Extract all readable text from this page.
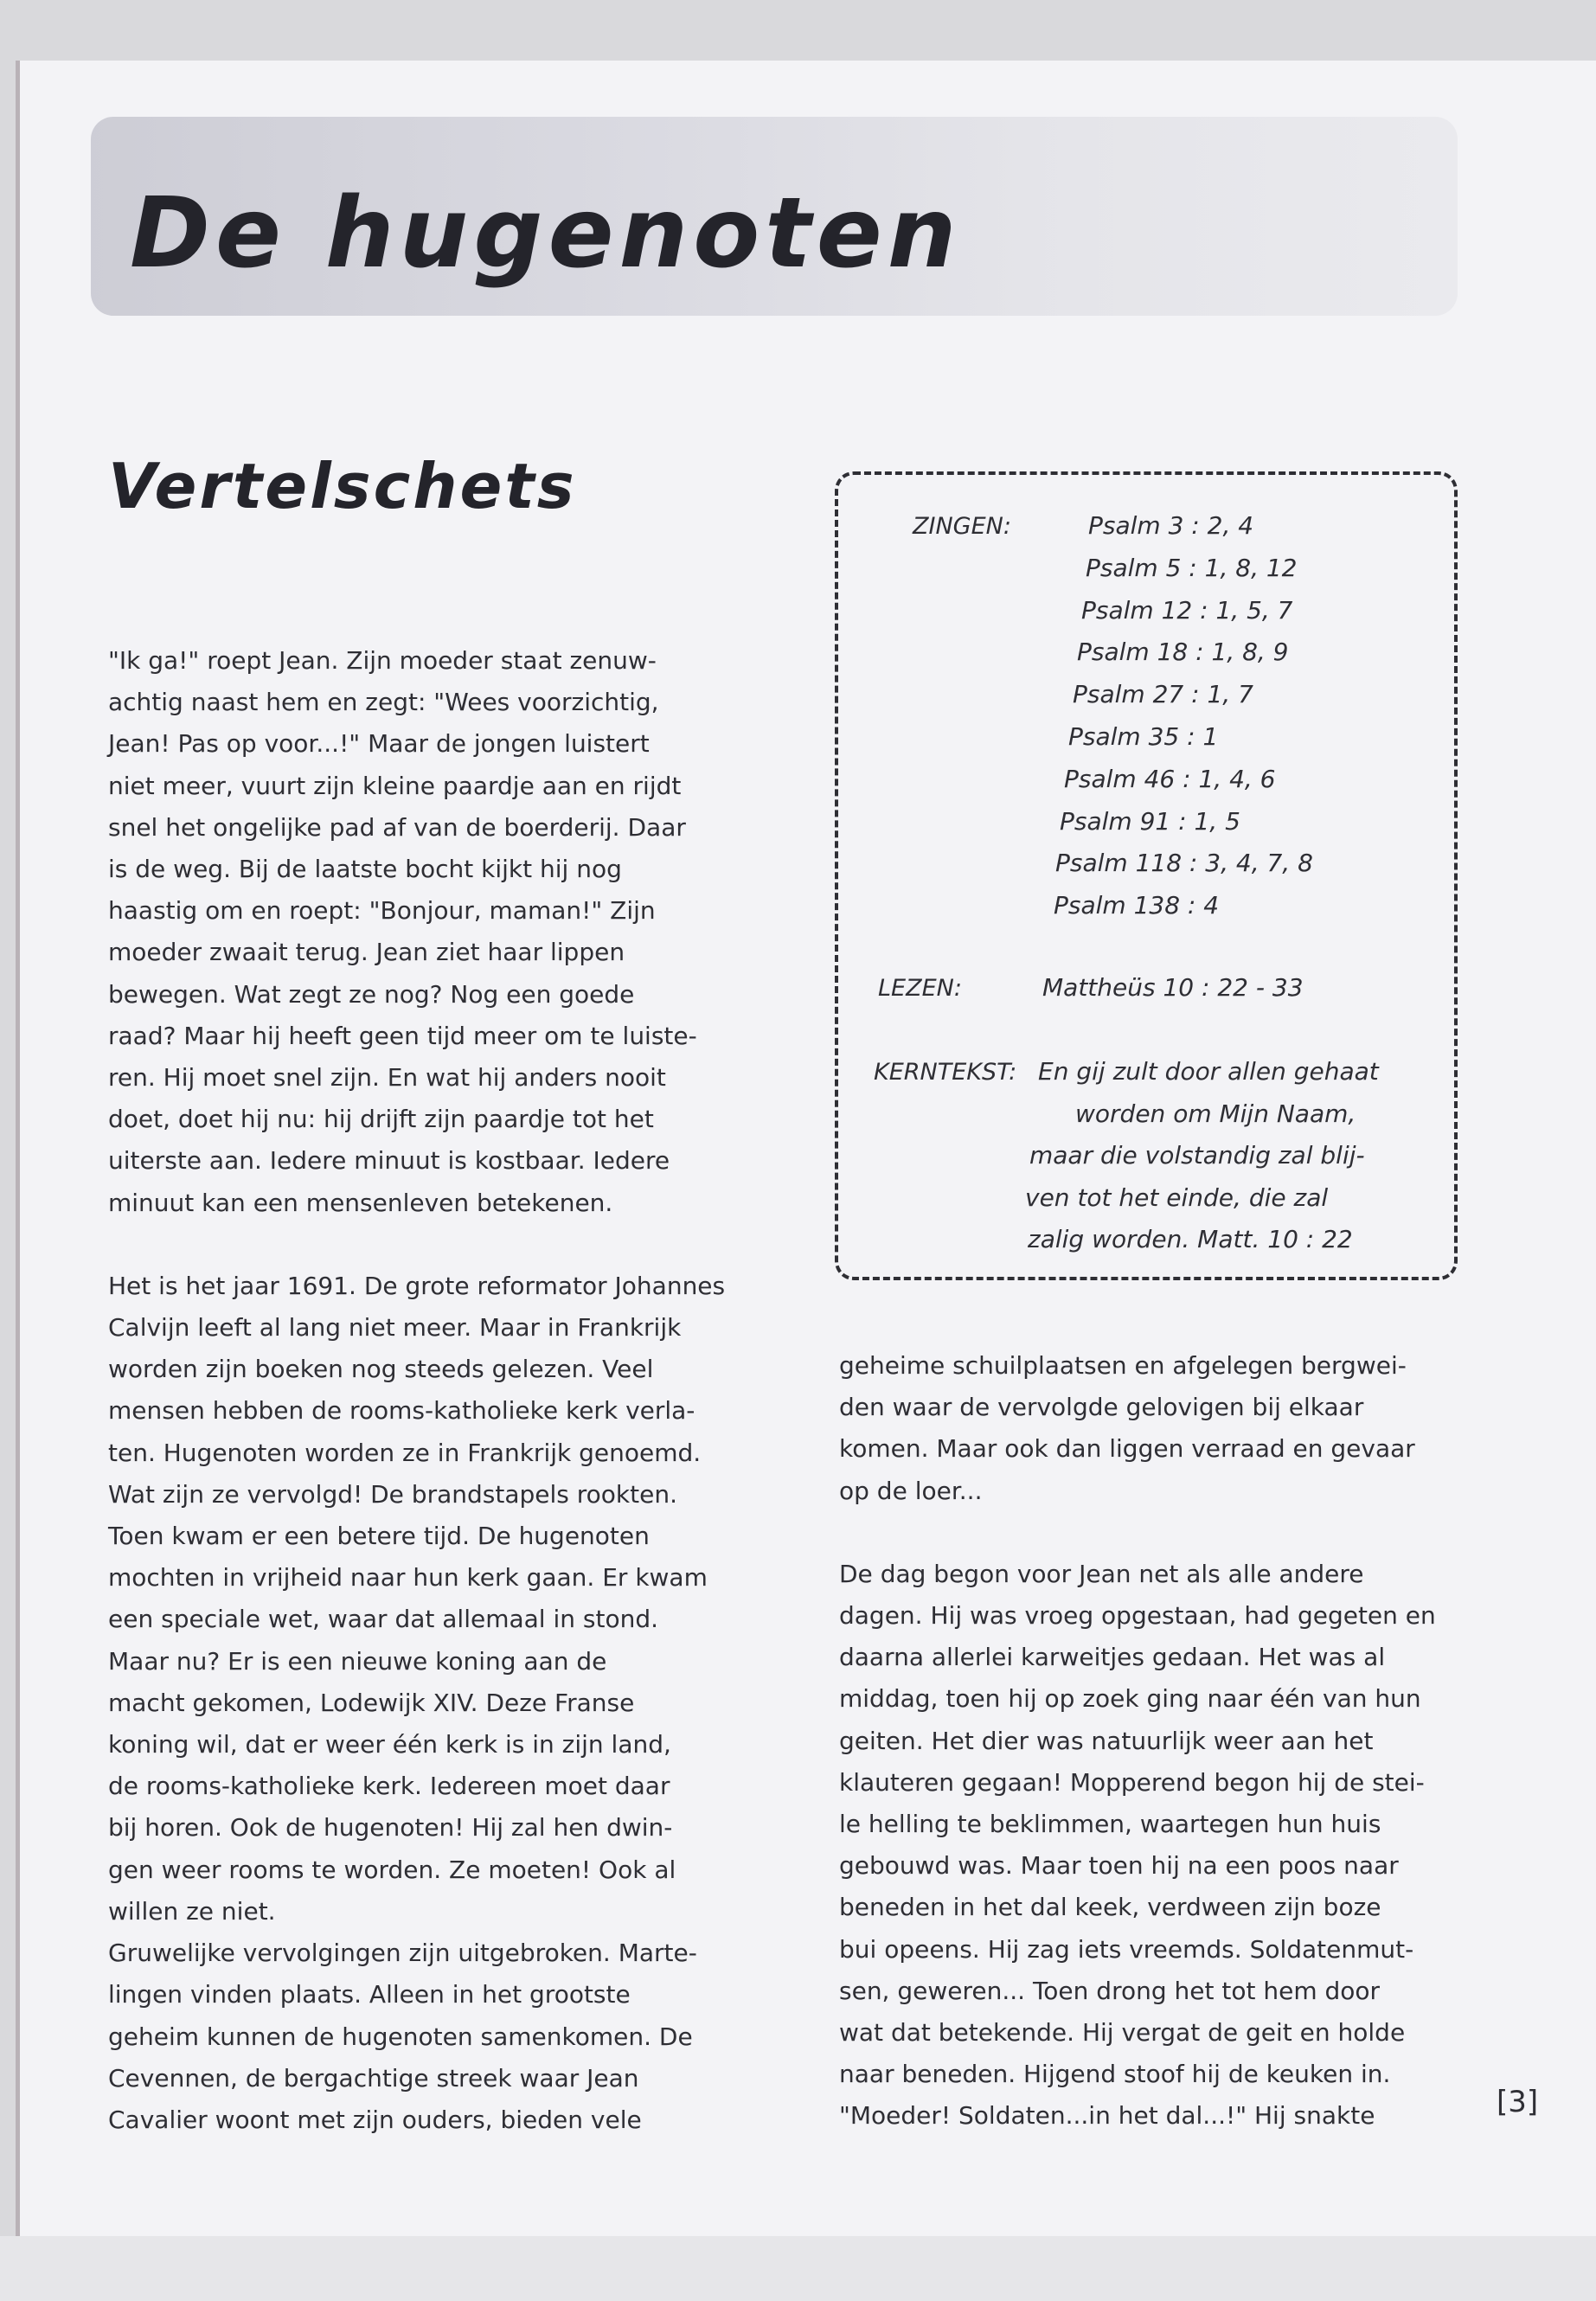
De hugenoten
Vertelschets

"Ik ga!" roept Jean. Zijn moeder staat zenuw-
achtig naast hem en zegt: "Wees voorzichtig,
Jean! Pas op voor...!" Maar de jongen luistert
niet meer, vuurt zijn kleine paardje aan en rijdt
snel het ongelijke pad af van de boerderij. Daar
is de weg. Bij de laatste bocht kijkt hij nog
haastig om en roept: "Bonjour, maman!" Zijn
moeder zwaait terug. Jean ziet haar lippen
bewegen. Wat zegt ze nog? Nog een goede
raad? Maar hij heeft geen tijd meer om te luiste-
ren. Hij moet snel zijn. En wat hij anders nooit
doet, doet hij nu: hij drijft zijn paardje tot het
uiterste aan. Iedere minuut is kostbaar. Iedere
minuut kan een mensenleven betekenen.

Het is het jaar 1691. De grote reformator Johannes
Calvijn leeft al lang niet meer. Maar in Frankrijk
worden zijn boeken nog steeds gelezen. Veel
mensen hebben de rooms-katholieke kerk verla-
ten. Hugenoten worden ze in Frankrijk genoemd.
Wat zijn ze vervolgd! De brandstapels rookten.
Toen kwam er een betere tijd. De hugenoten
mochten in vrijheid naar hun kerk gaan. Er kwam
een speciale wet, waar dat allemaal in stond.
Maar nu? Er is een nieuwe koning aan de
macht gekomen, Lodewijk XIV. Deze Franse
koning wil, dat er weer één kerk is in zijn land,
de rooms-katholieke kerk. Iedereen moet daar
bij horen. Ook de hugenoten! Hij zal hen dwin-
gen weer rooms te worden. Ze moeten! Ook al
willen ze niet.
Gruwelijke vervolgingen zijn uitgebroken. Marte-
lingen vinden plaats. Alleen in het grootste
geheim kunnen de hugenoten samenkomen. De
Cevennen, de bergachtige streek waar Jean
Cavalier woont met zijn ouders, bieden vele

ZINGEN:	Psalm 3 : 2, 4
Psalm 5 : 1, 8, 12
Psalm 12 : 1, 5, 7
Psalm 18 : 1, 8, 9
Psalm 27 : 1, 7
Psalm 35 : 1
Psalm 46 : 1, 4, 6
Psalm 91 : 1, 5
Psalm 118 : 3, 4, 7, 8
Psalm 138 : 4
LEZEN:	Mattheüs 10 : 22 - 33
KERNTEKST: En gij zult door allen gehaat
worden om Mijn Naam,
maar die volstandig zal blij-
ven tot het einde, die zal
zalig worden. Matt. 10 : 22

geheime schuilplaatsen en afgelegen bergwei-
den waar de vervolgde gelovigen bij elkaar
komen. Maar ook dan liggen verraad en gevaar
op de loer...

De dag begon voor Jean net als alle andere
dagen. Hij was vroeg opgestaan, had gegeten en
daarna allerlei karweitjes gedaan. Het was al
middag, toen hij op zoek ging naar één van hun
geiten. Het dier was natuurlijk weer aan het
klauteren gegaan! Mopperend begon hij de stei-
le helling te beklimmen, waartegen hun huis
gebouwd was. Maar toen hij na een poos naar
beneden in het dal keek, verdween zijn boze
bui opeens. Hij zag iets vreemds. Soldatenmut-
sen, geweren... Toen drong het tot hem door
wat dat betekende. Hij vergat de geit en holde
naar beneden. Hijgend stoof hij de keuken in.
"Moeder! Soldaten...in het dal...!" Hij snakte	[3]
